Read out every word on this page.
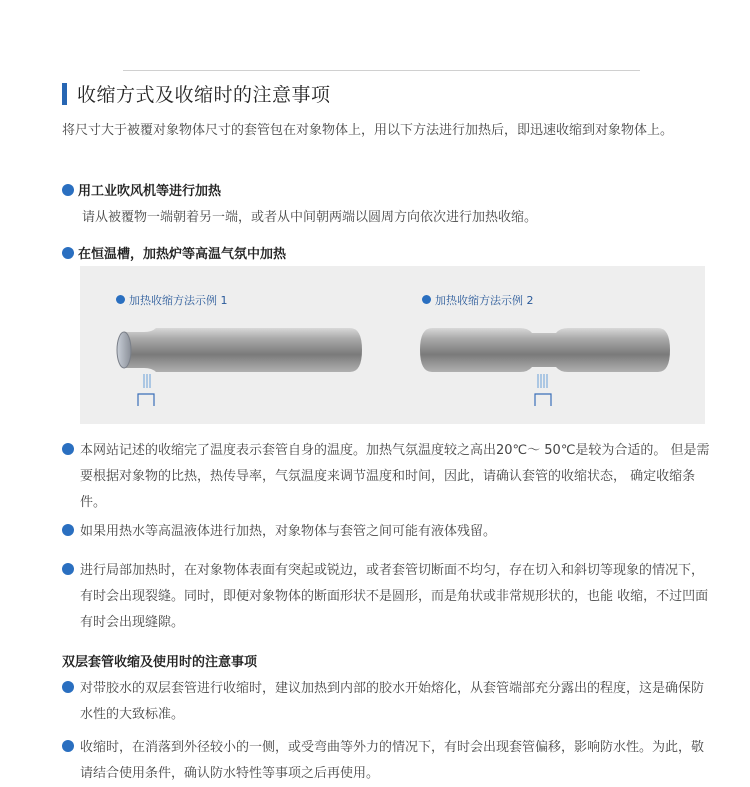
收缩方式及收缩时的注意事项

将尺寸大于被覆对象物体尺寸的套管包在对象物体上，用以下方法进行加热后，即迅速收缩到对象物体上。

用工业吹风机等进行加热

请从被覆物一端朝着另一端，或者从中间朝两端以圆周方向依次进行加热收缩。

在恒温槽，加热炉等高温气氛中加热
加热收缩方法示例 1	加热收缩方法示例 2

本网站记述的收缩完了温度表示套管自身的温度。加热气氛温度较之高出20℃～ 50℃是较为合适的。 但是需要根据对象物的比热，热传导率，气氛温度来调节温度和时间，因此，请确认套管的收缩状态， 确定收缩条件。

如果用热水等高温液体进行加热，对象物体与套管之间可能有液体残留。

进行局部加热时，在对象物体表面有突起或锐边，或者套管切断面不均匀，存在切入和斜切等现象的情况下，有时会出现裂缝。同时，即便对象物体的断面形状不是圆形，而是角状或非常规形状的，也能 收缩，不过凹面有时会出现缝隙。

双层套管收缩及使用时的注意事项

对带胶水的双层套管进行收缩时，建议加热到内部的胶水开始熔化，从套管端部充分露出的程度，这是确保防水性的大致标准。

收缩时，在消落到外径较小的一侧，或受弯曲等外力的情况下，有时会出现套管偏移，影响防水性。为此，敬请结合使用条件，确认防水特性等事项之后再使用。
